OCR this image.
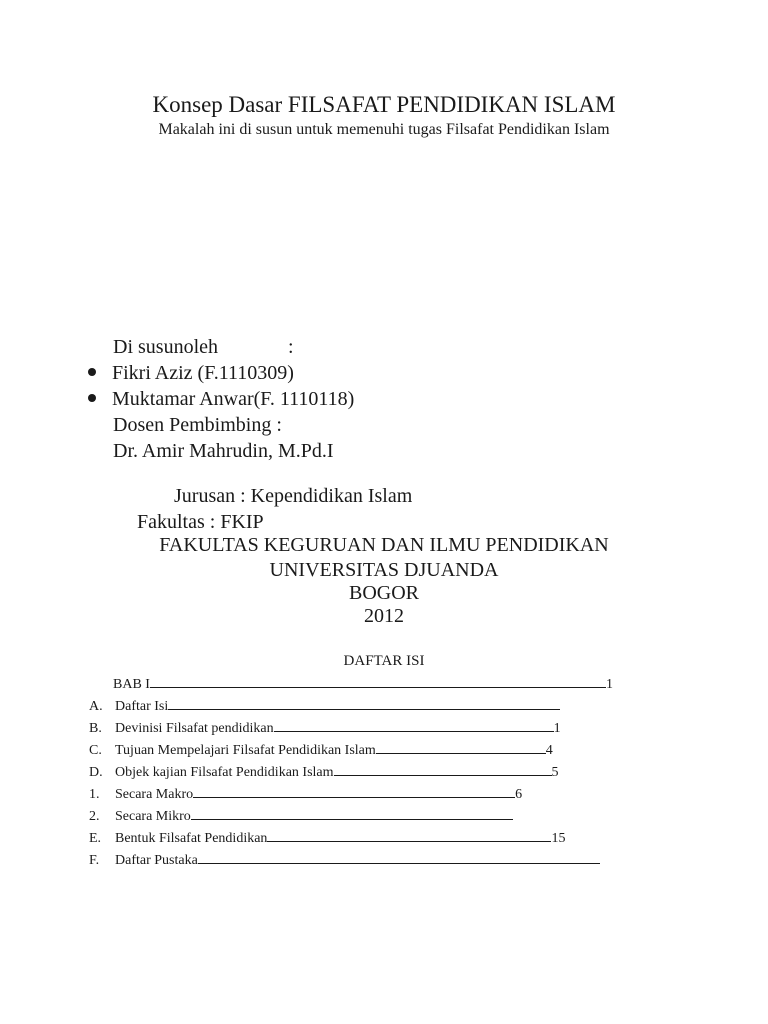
Konsep Dasar FILSAFAT PENDIDIKAN ISLAM
Makalah ini di susun untuk memenuhi tugas Filsafat Pendidikan Islam
Di susunoleh	:
Fikri Aziz (F.1110309)
Muktamar Anwar(F. 1110118)
Dosen Pembimbing :
Dr. Amir Mahrudin, M.Pd.I
Jurusan : Kependidikan Islam
Fakultas : FKIP
FAKULTAS KEGURUAN DAN ILMU PENDIDIKAN
UNIVERSITAS DJUANDA
BOGOR
2012
DAFTAR ISI
BAB I	1
A. Daftar Isi
B. Devinisi Filsafat pendidikan	1
C. Tujuan Mempelajari Filsafat Pendidikan Islam	4
D. Objek kajian Filsafat Pendidikan Islam	5
1. Secara Makro	6
2. Secara Mikro
E. Bentuk Filsafat Pendidikan	15
F. Daftar Pustaka
